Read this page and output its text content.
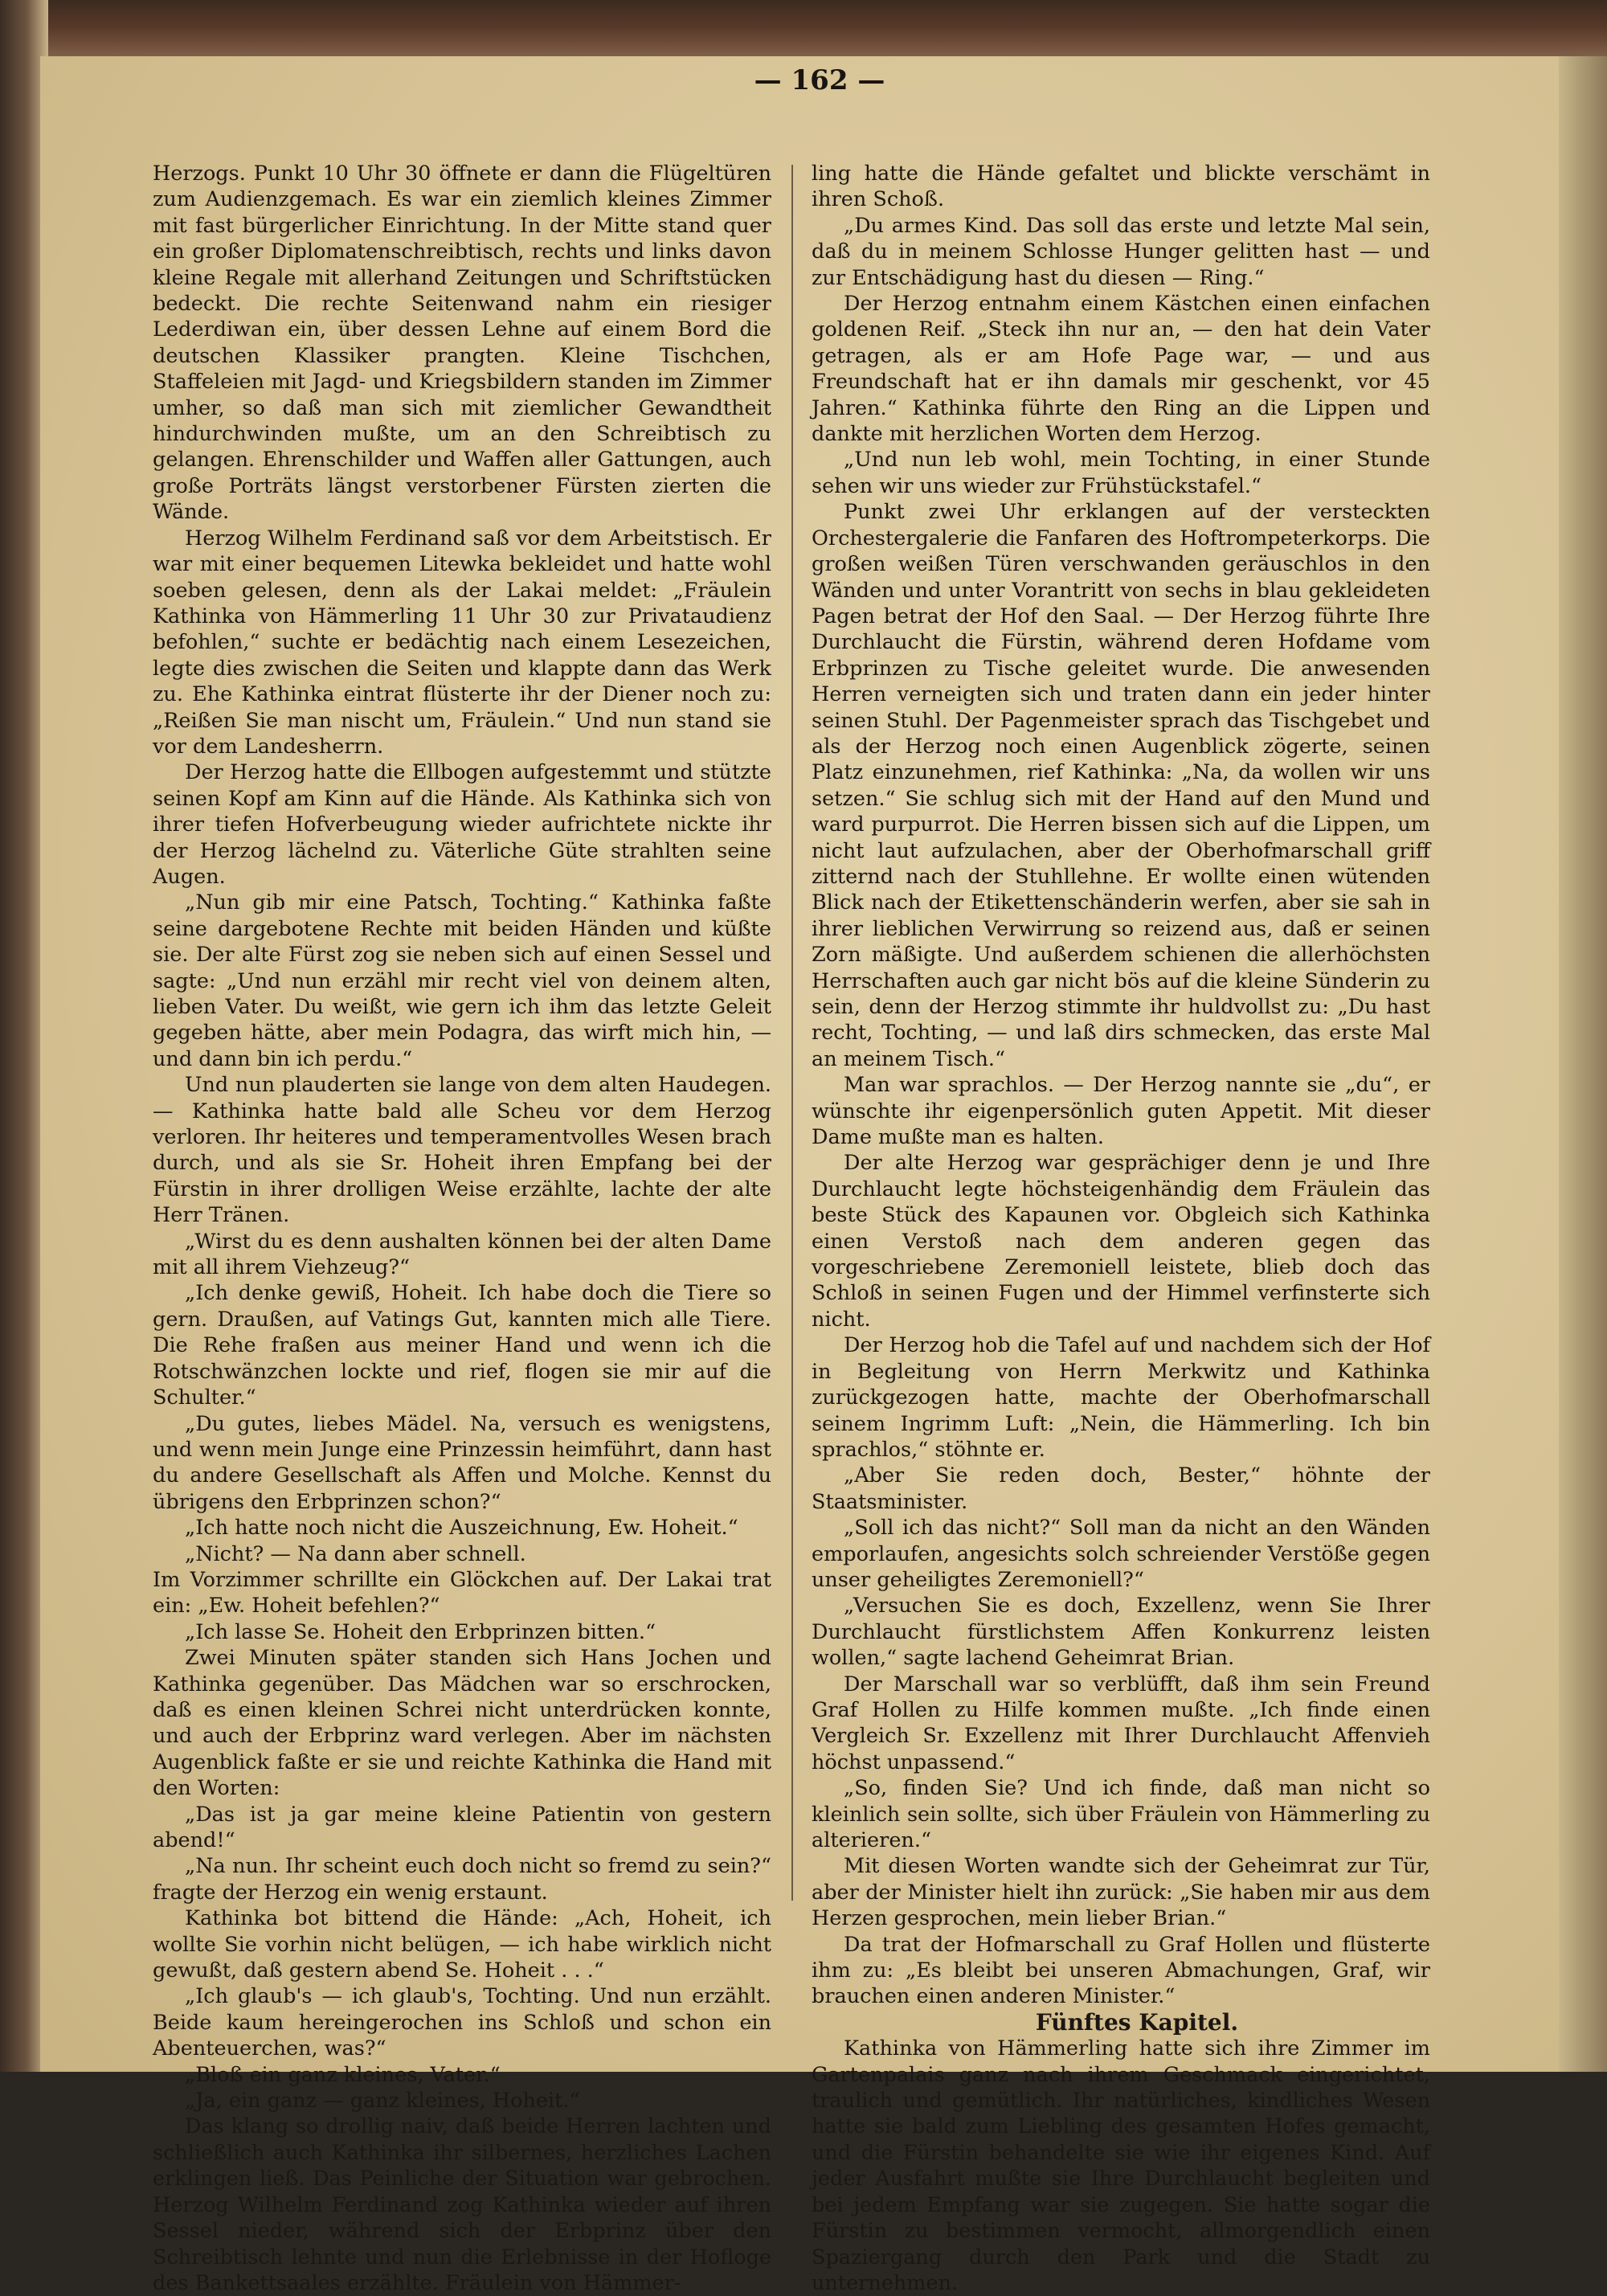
— 162 —

Herzogs. Punkt 10 Uhr 30 öffnete er dann die Flügeltüren zum Audienzgemach. Es war ein ziemlich kleines Zimmer mit fast bürgerlicher Einrichtung. In der Mitte stand quer ein großer Diplomatenschreibtisch, rechts und links davon kleine Regale mit allerhand Zeitungen und Schriftstücken bedeckt. Die rechte Seitenwand nahm ein riesiger Lederdiwan ein, über dessen Lehne auf einem Bord die deutschen Klassiker prangten. Kleine Tischchen, Staffeleien mit Jagd- und Kriegsbildern standen im Zimmer umher, so daß man sich mit ziemlicher Gewandtheit hindurchwinden mußte, um an den Schreibtisch zu gelangen. Ehrenschilder und Waffen aller Gattungen, auch große Porträts längst verstorbener Fürsten zierten die Wände.

Herzog Wilhelm Ferdinand saß vor dem Arbeitstisch. Er war mit einer bequemen Litewka bekleidet und hatte wohl soeben gelesen, denn als der Lakai meldet: „Fräulein Kathinka von Hämmerling 11 Uhr 30 zur Privataudienz befohlen,“ suchte er bedächtig nach einem Lesezeichen, legte dies zwischen die Seiten und klappte dann das Werk zu. Ehe Kathinka eintrat flüsterte ihr der Diener noch zu: „Reißen Sie man nischt um, Fräulein.“ Und nun stand sie vor dem Landesherrn.

Der Herzog hatte die Ellbogen aufgestemmt und stützte seinen Kopf am Kinn auf die Hände. Als Kathinka sich von ihrer tiefen Hofverbeugung wieder aufrichtete nickte ihr der Herzog lächelnd zu. Väterliche Güte strahlten seine Augen.

„Nun gib mir eine Patsch, Tochting.“ Kathinka faßte seine dargebotene Rechte mit beiden Händen und küßte sie. Der alte Fürst zog sie neben sich auf einen Sessel und sagte: „Und nun erzähl mir recht viel von deinem alten, lieben Vater. Du weißt, wie gern ich ihm das letzte Geleit gegeben hätte, aber mein Podagra, das wirft mich hin, — und dann bin ich perdu.“

Und nun plauderten sie lange von dem alten Haudegen. — Kathinka hatte bald alle Scheu vor dem Herzog verloren. Ihr heiteres und temperamentvolles Wesen brach durch, und als sie Sr. Hoheit ihren Empfang bei der Fürstin in ihrer drolligen Weise erzählte, lachte der alte Herr Tränen.

„Wirst du es denn aushalten können bei der alten Dame mit all ihrem Viehzeug?“

„Ich denke gewiß, Hoheit. Ich habe doch die Tiere so gern. Draußen, auf Vatings Gut, kannten mich alle Tiere. Die Rehe fraßen aus meiner Hand und wenn ich die Rotschwänzchen lockte und rief, flogen sie mir auf die Schulter.“

„Du gutes, liebes Mädel. Na, versuch es wenigstens, und wenn mein Junge eine Prinzessin heimführt, dann hast du andere Gesellschaft als Affen und Molche. Kennst du übrigens den Erbprinzen schon?“

„Ich hatte noch nicht die Auszeichnung, Ew. Hoheit.“

„Nicht? — Na dann aber schnell.

Im Vorzimmer schrillte ein Glöckchen auf. Der Lakai trat ein: „Ew. Hoheit befehlen?“

„Ich lasse Se. Hoheit den Erbprinzen bitten.“

Zwei Minuten später standen sich Hans Jochen und Kathinka gegenüber. Das Mädchen war so erschrocken, daß es einen kleinen Schrei nicht unterdrücken konnte, und auch der Erbprinz ward verlegen. Aber im nächsten Augenblick faßte er sie und reichte Kathinka die Hand mit den Worten:

„Das ist ja gar meine kleine Patientin von gestern abend!“

„Na nun. Ihr scheint euch doch nicht so fremd zu sein?“ fragte der Herzog ein wenig erstaunt.

Kathinka bot bittend die Hände: „Ach, Hoheit, ich wollte Sie vorhin nicht belügen, — ich habe wirklich nicht gewußt, daß gestern abend Se. Hoheit . . .“

„Ich glaub's — ich glaub's, Tochting. Und nun erzählt. Beide kaum hereingerochen ins Schloß und schon ein Abenteuerchen, was?“

„Bloß ein ganz kleines, Vater.“

„Ja, ein ganz — ganz kleines, Hoheit.“

Das klang so drollig naiv, daß beide Herren lachten und schließlich auch Kathinka ihr silbernes, herzliches Lachen erklingen ließ. Das Peinliche der Situation war gebrochen. Herzog Wilhelm Ferdinand zog Kathinka wieder auf ihren Sessel nieder, während sich der Erbprinz über den Schreibtisch lehnte und nun die Erlebnisse in der Hofloge des Bankettsaales erzählte. Fräulein von Hämmer-

ling hatte die Hände gefaltet und blickte verschämt in ihren Schoß.

„Du armes Kind. Das soll das erste und letzte Mal sein, daß du in meinem Schlosse Hunger gelitten hast — und zur Entschädigung hast du diesen — Ring.“

Der Herzog entnahm einem Kästchen einen einfachen goldenen Reif. „Steck ihn nur an, — den hat dein Vater getragen, als er am Hofe Page war, — und aus Freundschaft hat er ihn damals mir geschenkt, vor 45 Jahren.“ Kathinka führte den Ring an die Lippen und dankte mit herzlichen Worten dem Herzog.

„Und nun leb wohl, mein Tochting, in einer Stunde sehen wir uns wieder zur Frühstückstafel.“

Punkt zwei Uhr erklangen auf der versteckten Orchestergalerie die Fanfaren des Hoftrompeterkorps. Die großen weißen Türen verschwanden geräuschlos in den Wänden und unter Vorantritt von sechs in blau gekleideten Pagen betrat der Hof den Saal. — Der Herzog führte Ihre Durchlaucht die Fürstin, während deren Hofdame vom Erbprinzen zu Tische geleitet wurde. Die anwesenden Herren verneigten sich und traten dann ein jeder hinter seinen Stuhl. Der Pagenmeister sprach das Tischgebet und als der Herzog noch einen Augenblick zögerte, seinen Platz einzunehmen, rief Kathinka: „Na, da wollen wir uns setzen.“ Sie schlug sich mit der Hand auf den Mund und ward purpurrot. Die Herren bissen sich auf die Lippen, um nicht laut aufzulachen, aber der Oberhofmarschall griff zitternd nach der Stuhllehne. Er wollte einen wütenden Blick nach der Etikettenschänderin werfen, aber sie sah in ihrer lieblichen Verwirrung so reizend aus, daß er seinen Zorn mäßigte. Und außerdem schienen die allerhöchsten Herrschaften auch gar nicht bös auf die kleine Sünderin zu sein, denn der Herzog stimmte ihr huldvollst zu: „Du hast recht, Tochting, — und laß dirs schmecken, das erste Mal an meinem Tisch.“

Man war sprachlos. — Der Herzog nannte sie „du“, er wünschte ihr eigenpersönlich guten Appetit. Mit dieser Dame mußte man es halten.

Der alte Herzog war gesprächiger denn je und Ihre Durchlaucht legte höchsteigenhändig dem Fräulein das beste Stück des Kapaunen vor. Obgleich sich Kathinka einen Verstoß nach dem anderen gegen das vorgeschriebene Zeremoniell leistete, blieb doch das Schloß in seinen Fugen und der Himmel verfinsterte sich nicht.

Der Herzog hob die Tafel auf und nachdem sich der Hof in Begleitung von Herrn Merkwitz und Kathinka zurückgezogen hatte, machte der Oberhofmarschall seinem Ingrimm Luft: „Nein, die Hämmerling. Ich bin sprachlos,“ stöhnte er.

„Aber Sie reden doch, Bester,“ höhnte der Staatsminister.

„Soll ich das nicht?“ Soll man da nicht an den Wänden emporlaufen, angesichts solch schreiender Verstöße gegen unser geheiligtes Zeremoniell?“

„Versuchen Sie es doch, Exzellenz, wenn Sie Ihrer Durchlaucht fürstlichstem Affen Konkurrenz leisten wollen,“ sagte lachend Geheimrat Brian.

Der Marschall war so verblüfft, daß ihm sein Freund Graf Hollen zu Hilfe kommen mußte. „Ich finde einen Vergleich Sr. Exzellenz mit Ihrer Durchlaucht Affenvieh höchst unpassend.“

„So, finden Sie? Und ich finde, daß man nicht so kleinlich sein sollte, sich über Fräulein von Hämmerling zu alterieren.“

Mit diesen Worten wandte sich der Geheimrat zur Tür, aber der Minister hielt ihn zurück: „Sie haben mir aus dem Herzen gesprochen, mein lieber Brian.“

Da trat der Hofmarschall zu Graf Hollen und flüsterte ihm zu: „Es bleibt bei unseren Abmachungen, Graf, wir brauchen einen anderen Minister.“

Fünftes Kapitel.

Kathinka von Hämmerling hatte sich ihre Zimmer im Gartenpalais ganz nach ihrem Geschmack eingerichtet, traulich und gemütlich. Ihr natürliches, kindliches Wesen hatte sie bald zum Liebling des gesamten Hofes gemacht, und die Fürstin behandelte sie wie ihr eigenes Kind. Auf jeder Ausfahrt mußte sie Ihre Durchlaucht begleiten und bei jedem Empfang war sie zugegen. Sie hatte sogar die Fürstin zu bestimmen vermocht, allmorgendlich einen Spaziergang durch den Park und die Stadt zu unternehmen.
